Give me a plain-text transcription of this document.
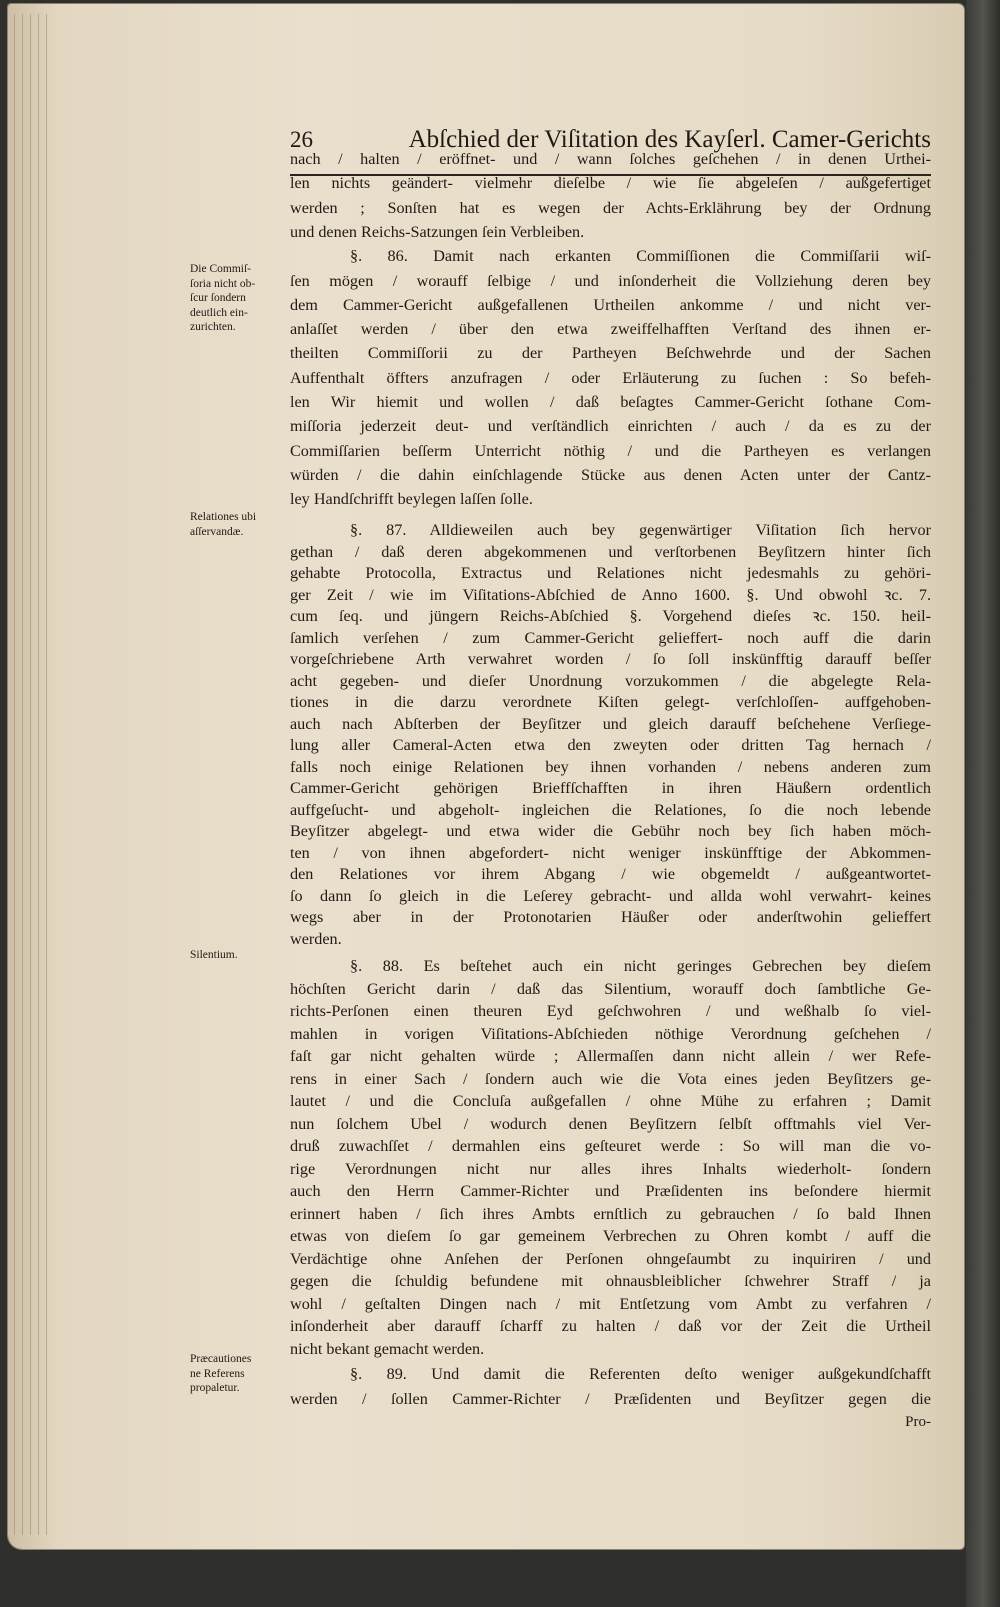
26	Abſchied der Viſitation des Kayſerl. Camer-Gerichts
nach / halten / eröffnet- und / wann ſolches geſchehen / in denen Urthei-
len nichts geändert- vielmehr dieſelbe / wie ſie abgeleſen / außgefertiget
werden ; Sonſten hat es wegen der Achts-Erklährung bey der Ordnung
und denen Reichs-Satzungen ſein Verbleiben.
§. 86. Damit nach erkanten Commiſſionen die Commiſſarii wiſ-
ſen mögen / worauff ſelbige / und inſonderheit die Vollziehung deren bey
dem Cammer-Gericht außgefallenen Urtheilen ankomme / und nicht ver-
anlaſſet werden / über den etwa zweiffelhafften Verſtand des ihnen er-
theilten Commiſſorii zu der Partheyen Beſchwehrde und der Sachen
Auffenthalt öffters anzufragen / oder Erläuterung zu ſuchen : So befeh-
len Wir hiemit und wollen / daß beſagtes Cammer-Gericht ſothane Com-
miſſoria jederzeit deut- und verſtändlich einrichten / auch / da es zu der
Commiſſarien beſſerm Unterricht nöthig / und die Partheyen es verlangen
würden / die dahin einſchlagende Stücke aus denen Acten unter der Cantz-
ley Handſchrifft beylegen laſſen ſolle.
§. 87. Alldieweilen auch bey gegenwärtiger Viſitation ſich hervor
gethan / daß deren abgekommenen und verſtorbenen Beyſitzern hinter ſich
gehabte Protocolla, Extractus und Relationes nicht jedesmahls zu gehöri-
ger Zeit / wie im Viſitations-Abſchied de Anno 1600. §. Und obwohl ꝛc. 7.
cum ſeq. und jüngern Reichs-Abſchied §. Vorgehend dieſes ꝛc. 150. heil-
ſamlich verſehen / zum Cammer-Gericht gelieffert- noch auff die darin
vorgeſchriebene Arth verwahret worden / ſo ſoll inskünfftig darauff beſſer
acht gegeben- und dieſer Unordnung vorzukommen / die abgelegte Rela-
tiones in die darzu verordnete Kiſten gelegt- verſchloſſen- auffgehoben-
auch nach Abſterben der Beyſitzer und gleich darauff beſchehene Verſiege-
lung aller Cameral-Acten etwa den zweyten oder dritten Tag hernach /
falls noch einige Relationen bey ihnen vorhanden / nebens anderen zum
Cammer-Gericht gehörigen Brieffſchafften in ihren Häußern ordentlich
auffgeſucht- und abgeholt- ingleichen die Relationes, ſo die noch lebende
Beyſitzer abgelegt- und etwa wider die Gebühr noch bey ſich haben möch-
ten / von ihnen abgefordert- nicht weniger inskünfftige der Abkommen-
den Relationes vor ihrem Abgang / wie obgemeldt / außgeantwortet-
ſo dann ſo gleich in die Leſerey gebracht- und allda wohl verwahrt- keines
wegs aber in der Protonotarien Häußer oder anderſtwohin gelieffert
werden.
§. 88. Es beſtehet auch ein nicht geringes Gebrechen bey dieſem
höchſten Gericht darin / daß das Silentium, worauff doch ſambtliche Ge-
richts-Perſonen einen theuren Eyd geſchwohren / und weßhalb ſo viel-
mahlen in vorigen Viſitations-Abſchieden nöthige Verordnung geſchehen /
faſt gar nicht gehalten würde ; Allermaſſen dann nicht allein / wer Refe-
rens in einer Sach / ſondern auch wie die Vota eines jeden Beyſitzers ge-
lautet / und die Concluſa außgefallen / ohne Mühe zu erfahren ; Damit
nun ſolchem Ubel / wodurch denen Beyſitzern ſelbſt offtmahls viel Ver-
druß zuwachſſet / dermahlen eins geſteuret werde : So will man die vo-
rige Verordnungen nicht nur alles ihres Inhalts wiederholt- ſondern
auch den Herrn Cammer-Richter und Præſidenten ins beſondere hiermit
erinnert haben / ſich ihres Ambts ernſtlich zu gebrauchen / ſo bald Ihnen
etwas von dieſem ſo gar gemeinem Verbrechen zu Ohren kombt / auff die
Verdächtige ohne Anſehen der Perſonen ohngeſaumbt zu inquiriren / und
gegen die ſchuldig befundene mit ohnausbleiblicher ſchwehrer Straff / ja
wohl / geſtalten Dingen nach / mit Entſetzung vom Ambt zu verfahren /
inſonderheit aber darauff ſcharff zu halten / daß vor der Zeit die Urtheil
nicht bekant gemacht werden.
§. 89. Und damit die Referenten deſto weniger außgekundſchafft
werden / ſollen Cammer-Richter / Præſidenten und Beyſitzer gegen die
Die Commiſ-
ſoria nicht ob-
ſcur ſondern
deutlich ein-
zurichten.
Relationes ubi
aſſervandæ.
Silentium.
Præcautiones
ne Referens
propaletur.
Pro-
